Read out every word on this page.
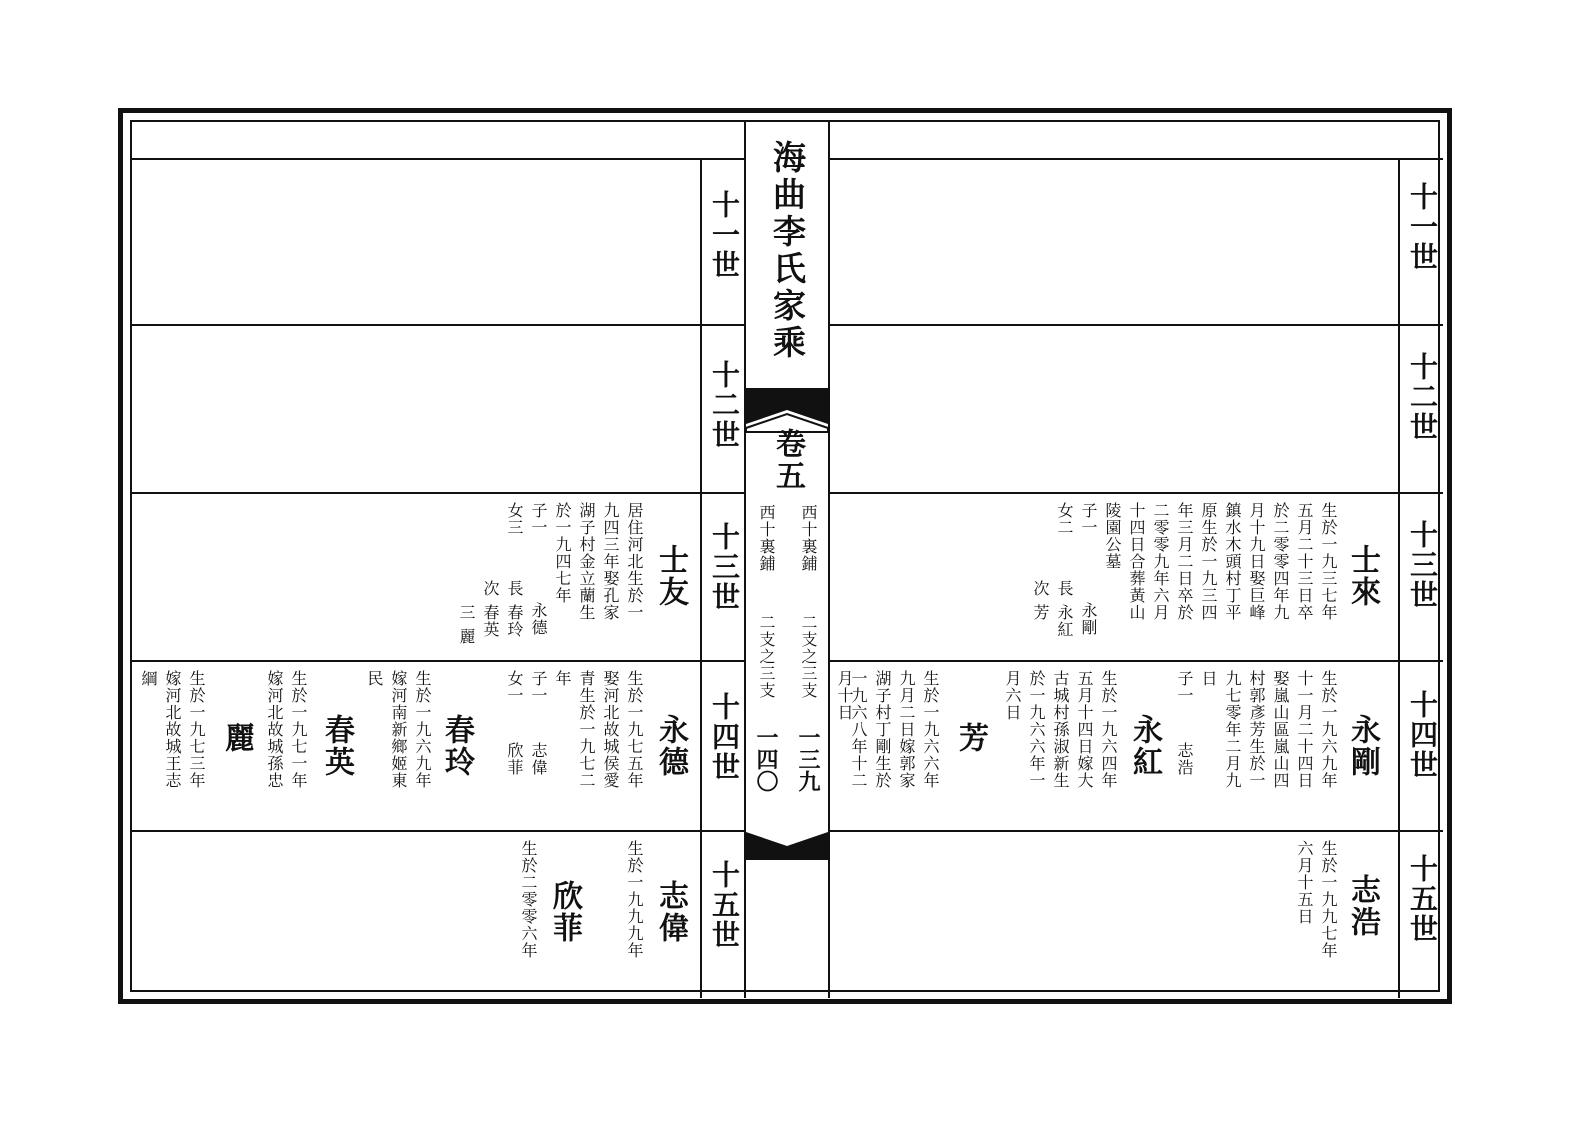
十一世
十二世
十三世
十四世
十五世
十一世
十二世
十三世
十四世
十五世
士友
居住河北生於一
九四三年娶孔家
湖子村金立蘭生
於一九四七年
子一
女三
永德
長
春玲
次
春英
三
麗
永德
生於一九七五年
娶河北故城侯愛
青生於一九七二
年
子一
女一
志偉
欣菲
春玲
生於一九六九年
嫁河南新鄉姬東
民
春英
生於一九七一年
嫁河北故城孫忠
麗
生於一九七三年
嫁河北故城王志
綱
志偉
生於一九九九年
欣菲
生於二零零六年
海曲李氏家乘
卷五
西十裏鋪
二支之三支
一三九
西十裏鋪
二支之三支
一四〇
士來
生於一九三七年
五月二十三日卒
於二零零四年九
月十九日娶巨峰
鎮水木頭村丁平
原生於一九三四
年三月二日卒於
二零零九年六月
十四日合葬黃山
陵園公墓
子一
女二
永剛
長
永紅
次
芳
永剛
生於一九六九年
十一月二十四日
娶嵐山區嵐山四
村郭彥芳生於一
九七零年二月九
日
子一
志浩
永紅
生於一九六四年
五月十四日嫁大
古城村孫淑新生
於一九六六年一
月六日
芳
生於一九六六年
九月二日嫁郭家
湖子村丁剛生於
一九六八年十二
月十日
志浩
生於一九九七年
六月十五日
